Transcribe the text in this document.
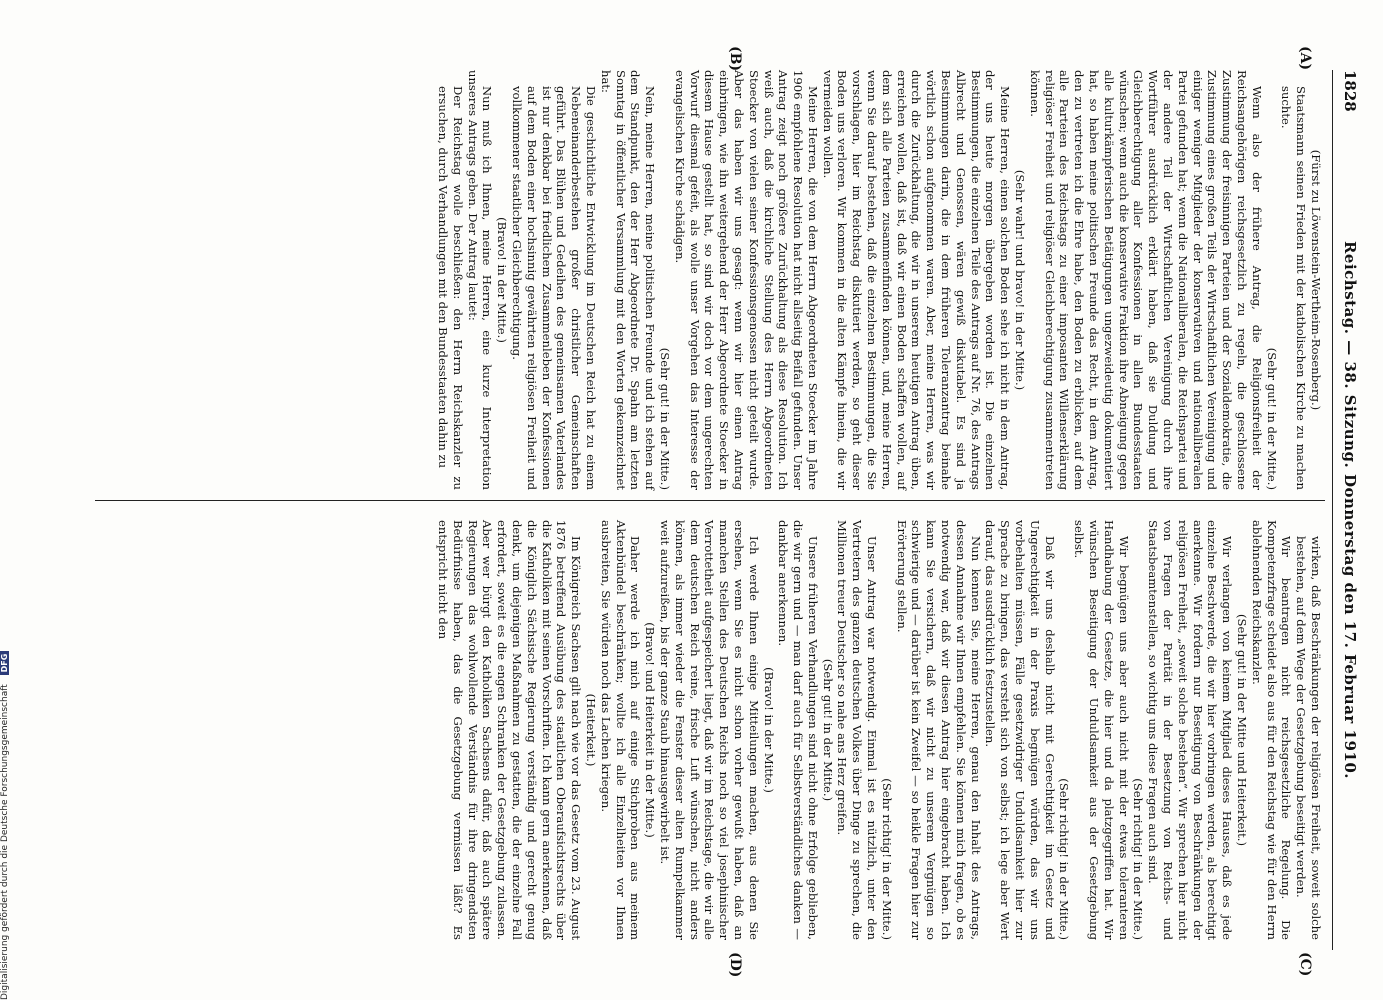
1828
Reichstag. — 38. Sitzung. Donnerstag den 17. Februar 1910.
(A)
(B)
(C)
(D)

(Fürst zu Löwenstein-Wertheim-Rosenberg.)

Staatsmann seinen Frieden mit der katholischen Kirche zu machen suchte.

(Sehr gut! in der Mitte.)

Wenn also der frühere Antrag, die Religionsfreiheit der Reichsangehörigen reichsgesetzlich zu regeln, die geschlossene Zustimmung der freisinnigen Parteien und der Sozialdemokratie, die Zustimmung eines großen Teils der Wirtschaftlichen Vereinigung und einiger weniger Mitglieder der konservativen und nationalliberalen Partei gefunden hat; wenn die Nationalliberalen, die Reichspartei und der andere Teil der Wirtschaftlichen Vereinigung durch ihre Wortführer ausdrücklich erklärt haben, daß sie Duldung und Gleichberechtigung aller Konfessionen in allen Bundesstaaten wünschen; wenn auch die konservative Fraktion ihre Abneigung gegen alle kulturkämpferischen Betätigungen ungezweideutig dokumentiert hat, so haben meine politischen Freunde das Recht, in dem Antrag, den zu vertreten ich die Ehre habe, den Boden zu erblicken, auf dem alle Parteien des Reichstags zu einer imposanten Willenserklärung religiöser Freiheit und religiöser Gleichberechtigung zusammentreten können.

(Sehr wahr! und bravo! in der Mitte.)

Meine Herren, einen solchen Boden sehe ich nicht in dem Antrag, der uns heute morgen übergeben worden ist. Die einzelnen Bestimmungen, die einzelnen Teile des Antrags auf Nr. 76, des Antrags Albrecht und Genossen, wären gewiß diskutabel. Es sind ja Bestimmungen darin, die in dem früheren Toleranzantrag beinahe wörtlich schon aufgenommen waren. Aber, meine Herren, was wir durch die Zurückhaltung, die wir in unserem heutigen Antrag üben, erreichen wollen, daß ist, daß wir einen Boden schaffen wollen, auf dem sich alle Parteien zusammenfinden können, und, meine Herren, wenn Sie darauf bestehen, daß die einzelnen Bestimmungen, die Sie vorschlagen, hier im Reichstag diskutiert werden, so geht dieser Boden uns verloren. Wir kommen in die alten Kämpfe hinein, die wir vermeiden wollen.

Meine Herren, die von dem Herrn Abgeordneten Stoecker im Jahre 1906 empfohlene Resolution hat nicht allseitig Beifall gefunden. Unser Antrag zeigt noch größere Zurückhaltung als diese Resolution. Ich weiß auch, daß die kirchliche Stellung des Herrn Abgeordneten Stoecker von vielen seiner Konfessionsgenossen nicht geteilt wurde. Aber das haben wir uns gesagt: wenn wir hier einen Antrag einbringen, wie ihn weitergehend der Herr Abgeordnete Stoecker in diesem Hause gestellt hat, so sind wir doch vor dem ungerechten Vorwurf diesmal gefeit, als wolle unser Vorgehen das Interesse der evangelischen Kirche schädigen.

(Sehr gut! in der Mitte.)

Nein, meine Herren, meine politischen Freunde und ich stehen auf dem Standpunkt, den der Herr Abgeordnete Dr. Spahn am letzten Sonntag in öffentlicher Versammlung mit den Worten gekennzeichnet hat:

Die geschichtliche Entwicklung im Deutschen Reich hat zu einem Nebeneinanderbestehen großer christlicher Gemeinschaften geführt. Das Blühen und Gedeihen des gemeinsamen Vaterlandes ist nur denkbar bei friedlichem Zusammenleben der Konfessionen auf dem Boden einer hochsinnig gewährten religiösen Freiheit und vollkommener staatlicher Gleichberechtigung.

(Bravo! in der Mitte.)

Nun muß ich Ihnen, meine Herren, eine kurze Interpretation unseres Antrags geben. Der Antrag lautet:

Der Reichstag wolle beschließen: den Herrn Reichskanzler zu ersuchen, durch Verhandlungen mit den Bundesstaaten dahin zu

wirken, daß Beschränkungen der religiösen Freiheit, soweit solche bestehen, auf dem Wege der Gesetzgebung beseitigt werden.

Wir beantragen nicht reichsgesetzliche Regelung. Die Kompetenzfrage scheidet also aus für den Reichstag wie für den Herrn ablehnenden Reichskanzler.

(Sehr gut! in der Mitte und Heiterkeit.)

Wir verlangen von keinem Mitglied dieses Hauses, daß es jede einzelne Beschwerde, die wir hier vorbringen werden, als berechtigt anerkenne. Wir fordern nur Beseitigung von Beschränkungen der religiösen Freiheit, „soweit solche bestehen“. Wir sprechen hier nicht von Fragen der Parität in der Besetzung von Reichs- und Staatsbeamtenstellen, so wichtig uns diese Fragen auch sind.

(Sehr richtig! in der Mitte.)

Wir begnügen uns aber auch nicht mit der etwas toleranteren Handhabung der Gesetze, die hier und da platzgegriffen hat. Wir wünschen Beseitigung der Unduldsamkeit aus der Gesetzgebung selbst.

(Sehr richtig! in der Mitte.)

Daß wir uns deshalb nicht mit Gerechtigkeit im Gesetz und Ungerechtigkeit in der Praxis begnügen würden, das wir uns vorbehalten müssen, Fälle gesetzwidriger Unduldsamkeit hier zur Sprache zu bringen, das versteht sich von selbst; ich lege aber Wert darauf, das ausdrücklich festzustellen.

Nun kennen Sie, meine Herren, genau den Inhalt des Antrags, dessen Annahme wir Ihnen empfehlen. Sie können mich fragen, ob es notwendig war, daß wir diesen Antrag hier eingebracht haben. Ich kann Sie versichern, daß wir nicht zu unserem Vergnügen so schwierige und — darüber ist kein Zweifel — so heikle Fragen hier zur Erörterung stellen.

(Sehr richtig! in der Mitte.)

Unser Antrag war notwendig. Einmal ist es nützlich, unter den Vertretern des ganzen deutschen Volkes über Dinge zu sprechen, die Millionen treuer Deutscher so nahe ans Herz greifen.

(Sehr gut! in der Mitte.)

Unsere früheren Verhandlungen sind nicht ohne Erfolge geblieben, die wir gern und — man darf auch für Selbstverständliches danken — dankbar anerkennen.

(Bravo! in der Mitte.)

Ich werde Ihnen einige Mitteilungen machen, aus denen Sie ersehen, wenn Sie es nicht schon vorher gewußt haben, daß an manchen Stellen des Deutschen Reichs noch so viel josephinischer Verrottetheit aufgespeichert liegt, daß wir im Reichstage, die wir alle dem deutschen Reich reine, frische Luft wünschen, nicht anders können, als immer wieder die Fenster dieser alten Rumpelkammer weit aufzureißen, bis der ganze Staub hinausgewirbelt ist.

(Bravo! und Heiterkeit in der Mitte.)

Daher werde ich mich auf einige Stichproben aus meinem Aktenbündel beschränken; wollte ich alle Einzelheiten vor Ihnen ausbreiten, Sie würden noch das Lachen kriegen.

(Heiterkeit.)

Im Königreich Sachsen gilt nach wie vor das Gesetz vom 23. August 1876 betreffend Ausübung des staatlichen Oberaufsichtsrechts über die Katholiken mit seinen Vorschriften. Ich kann gern anerkennen, daß die Königlich Sächsische Regierung verständig und gerecht genug denkt, um diejenigen Maßnahmen zu gestatten, die der einzelne Fall erfordert, soweit es die engen Schranken der Gesetzgebung zulassen. Aber wer bürgt den Katholiken Sachsens dafür, daß auch spätere Regierungen das wohlwollende Verständnis für ihre dringendsten Bedürfnisse haben, das die Gesetzgebung vermissen läßt? Es entspricht nicht den

Digitalisierung gefördert durch die Deutsche Forschungsgemeinschaft DFG
